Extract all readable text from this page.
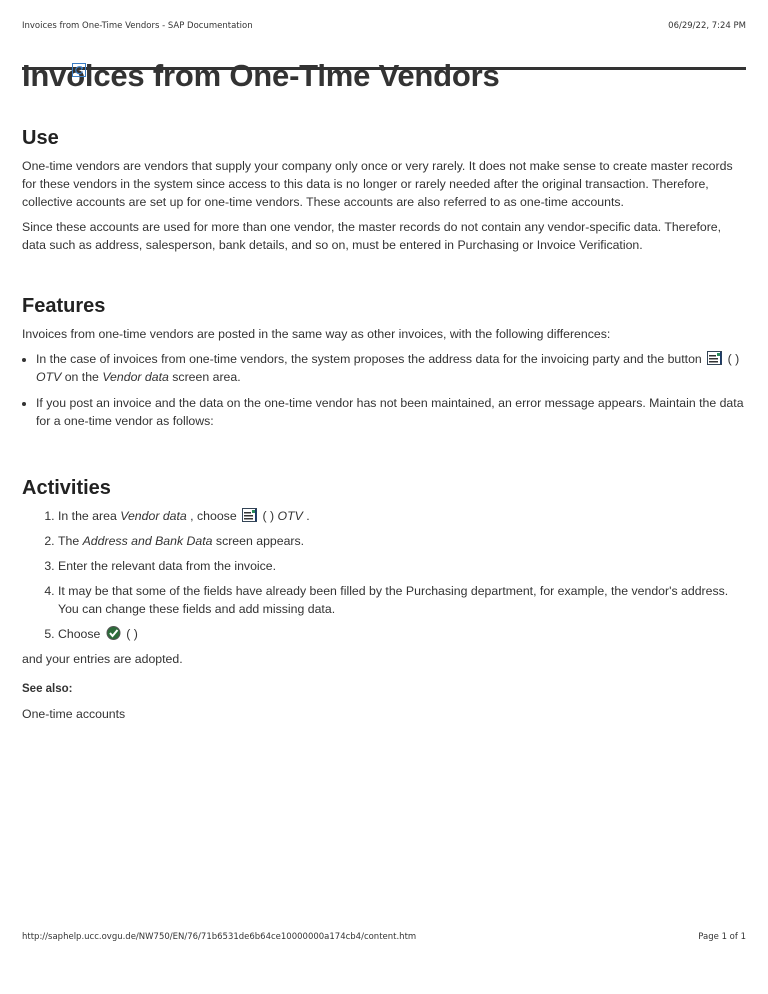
Invoices from One-Time Vendors - SAP Documentation	06/29/22, 7:24 PM
Invoices from One-Time Vendors
Use

One-time vendors are vendors that supply your company only once or very rarely. It does not make sense to create master records for these vendors in the system since access to this data is no longer or rarely needed after the original transaction. Therefore, collective accounts are set up for one-time vendors. These accounts are also referred to as one-time accounts.

Since these accounts are used for more than one vendor, the master records do not contain any vendor-specific data. Therefore, data such as address, salesperson, bank details, and so on, must be entered in Purchasing or Invoice Verification.

Features

Invoices from one-time vendors are posted in the same way as other invoices, with the following differences:

• In the case of invoices from one-time vendors, the system proposes the address data for the invoicing party and the button ( )
OTV on the Vendor data screen area.
• If you post an invoice and the data on the one-time vendor has not been maintained, an error message appears. Maintain the data for a one-time vendor as follows:
Activities
1. In the area Vendor data , choose ( ) OTV .
2. The Address and Bank Data screen appears.
3. Enter the relevant data from the invoice.
4. It may be that some of the fields have already been filled by the Purchasing department, for example, the vendor's address. You can change these fields and add missing data.
5. Choose ( )

and your entries are adopted.

See also:

One-time accounts
http://saphelp.ucc.ovgu.de/NW750/EN/76/71b6531de6b64ce10000000a174cb4/content.htm	Page 1 of 1
